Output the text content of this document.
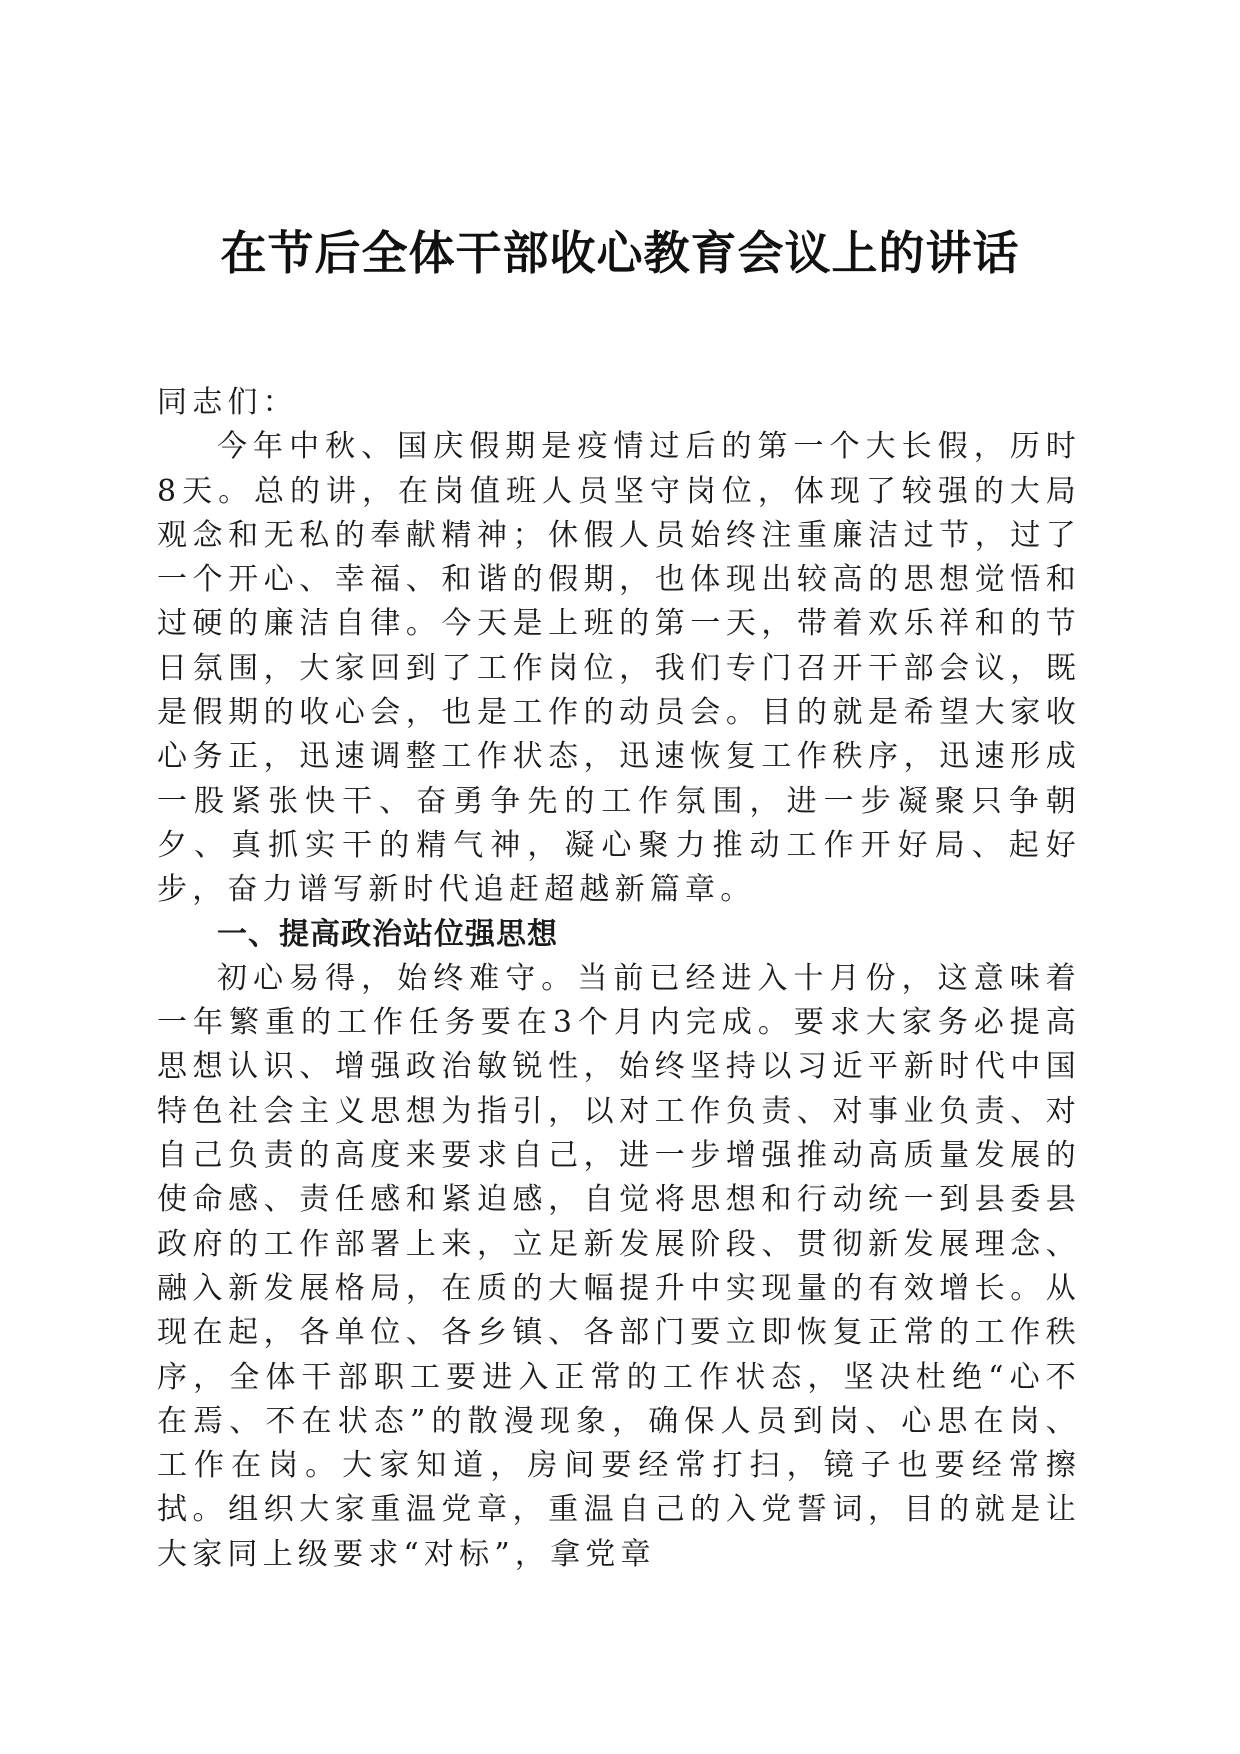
在节后全体干部收心教育会议上的讲话

同志们：

今年中秋、国庆假期是疫情过后的第一个大长假，历时8天。总的讲，在岗值班人员坚守岗位，体现了较强的大局观念和无私的奉献精神；休假人员始终注重廉洁过节，过了一个开心、幸福、和谐的假期，也体现出较高的思想觉悟和过硬的廉洁自律。今天是上班的第一天，带着欢乐祥和的节日氛围，大家回到了工作岗位，我们专门召开干部会议，既是假期的收心会，也是工作的动员会。目的就是希望大家收心务正，迅速调整工作状态，迅速恢复工作秩序，迅速形成一股紧张快干、奋勇争先的工作氛围，进一步凝聚只争朝夕、真抓实干的精气神，凝心聚力推动工作开好局、起好步，奋力谱写新时代追赶超越新篇章。

一、提高政治站位强思想

初心易得，始终难守。当前已经进入十月份，这意味着一年繁重的工作任务要在3个月内完成。要求大家务必提高思想认识、增强政治敏锐性，始终坚持以习近平新时代中国特色社会主义思想为指引，以对工作负责、对事业负责、对自己负责的高度来要求自己，进一步增强推动高质量发展的使命感、责任感和紧迫感，自觉将思想和行动统一到县委县政府的工作部署上来，立足新发展阶段、贯彻新发展理念、融入新发展格局，在质的大幅提升中实现量的有效增长。从现在起，各单位、各乡镇、各部门要立即恢复正常的工作秩序，全体干部职工要进入正常的工作状态，坚决杜绝“心不在焉、不在状态”的散漫现象，确保人员到岗、心思在岗、工作在岗。大家知道，房间要经常打扫，镜子也要经常擦拭。组织大家重温党章，重温自己的入党誓词，目的就是让大家同上级要求“对标”，拿党章
